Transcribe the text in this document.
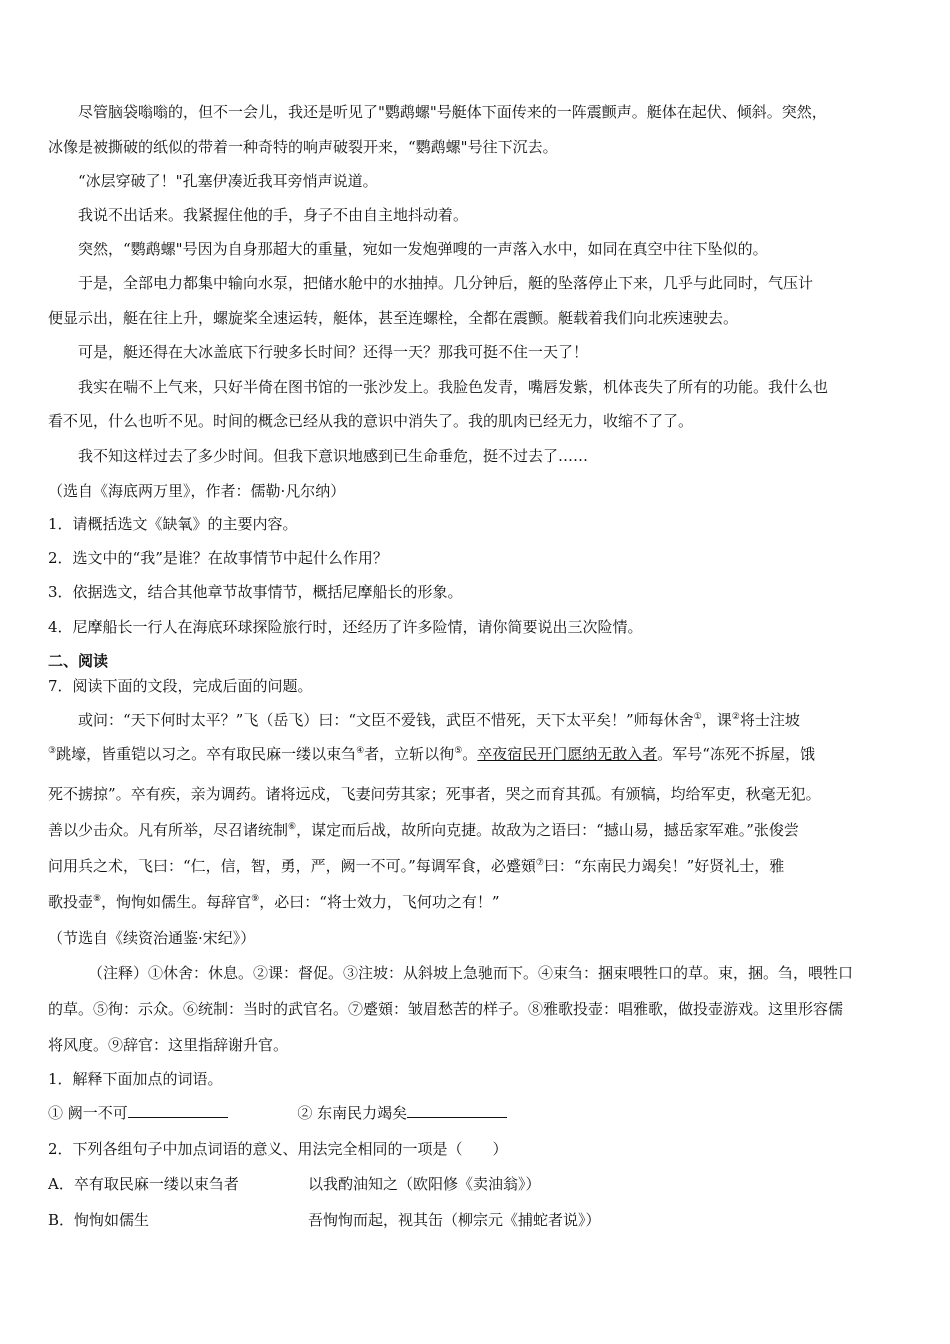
尽管脑袋嗡嗡的，但不一会儿，我还是听见了"鹦鹉螺"号艇体下面传来的一阵震颤声。艇体在起伏、倾斜。突然，
冰像是被撕破的纸似的带着一种奇特的响声破裂开来，“鹦鹉螺"号往下沉去。
“冰层穿破了！"孔塞伊凑近我耳旁悄声说道。
我说不出话来。我紧握住他的手，身子不由自主地抖动着。
突然，“鹦鹉螺"号因为自身那超大的重量，宛如一发炮弹嗖的一声落入水中，如同在真空中往下坠似的。
于是，全部电力都集中输向水泵，把储水舱中的水抽掉。几分钟后，艇的坠落停止下来，几乎与此同时，气压计
便显示出，艇在往上升，螺旋桨全速运转，艇体，甚至连螺栓，全都在震颤。艇载着我们向北疾速驶去。
可是，艇还得在大冰盖底下行驶多长时间？还得一天？那我可挺不住一天了！
我实在喘不上气来，只好半倚在图书馆的一张沙发上。我脸色发青，嘴唇发紫，机体丧失了所有的功能。我什么也
看不见，什么也听不见。时间的概念已经从我的意识中消失了。我的肌肉已经无力，收缩不了了。
我不知这样过去了多少时间。但我下意识地感到已生命垂危，挺不过去了……
（选自《海底两万里》，作者：儒勒·凡尔纳）
1．请概括选文《缺氧》的主要内容。
2．选文中的“我”是谁？在故事情节中起什么作用？
3．依据选文，结合其他章节故事情节，概括尼摩船长的形象。
4．尼摩船长一行人在海底环球探险旅行时，还经历了许多险情，请你简要说出三次险情。
二、阅读
7．阅读下面的文段，完成后面的问题。
或问：“天下何时太平？”飞（岳飞）曰：“文臣不爱钱，武臣不惜死，天下太平矣！”师每休舍①，课②将士注坡
③跳壕，皆重铠以习之。卒有取民麻一缕以束刍④者，立斩以徇⑤。卒夜宿民开门愿纳无敢入者。军号“冻死不拆屋，饿
死不掳掠”。卒有疾，亲为调药。诸将远戍，飞妻问劳其家；死事者，哭之而育其孤。有颁犒，均给军吏，秋毫无犯。
善以少击众。凡有所举，尽召诸统制⑥，谋定而后战，故所向克捷。故敌为之语曰：“撼山易，撼岳家军难。”张俊尝
问用兵之术，飞曰：“仁，信，智，勇，严，阙一不可。”每调军食，必蹙頞⑦曰：“东南民力竭矣！”好贤礼士，雅
歌投壶⑧，恂恂如儒生。每辞官⑨，必曰：“将士效力，飞何功之有！”
（节选自《续资治通鉴·宋纪》）
（注释）①休舍：休息。②课：督促。③注坡：从斜坡上急驰而下。④束刍：捆束喂牲口的草。束，捆。刍，喂牲口
的草。⑤徇：示众。⑥统制：当时的武官名。⑦蹙頞：皱眉愁苦的样子。⑧雅歌投壶：唱雅歌，做投壶游戏。这里形容儒
将风度。⑨辞官：这里指辞谢升官。
1．解释下面加点的词语。
① 阙一不可	② 东南民力竭矣
2．下列各组句子中加点词语的意义、用法完全相同的一项是（　　）
A．卒有取民麻一缕以束刍者	以我酌油知之（欧阳修《卖油翁》）
B．恂恂如儒生	吾恂恂而起，视其缶（柳宗元《捕蛇者说》）
